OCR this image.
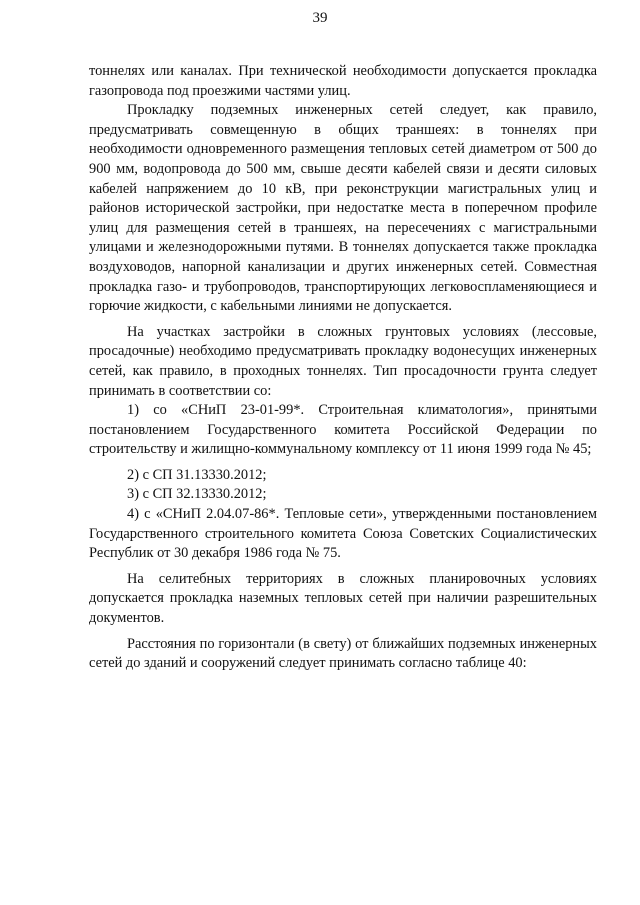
39

тоннелях или каналах. При технической необходимости допускается прокладка газопровода под проезжими частями улиц.

Прокладку подземных инженерных сетей следует, как правило, предусматривать совмещенную в общих траншеях: в тоннелях при необходимости одновременного размещения тепловых сетей диаметром от 500 до 900 мм, водопровода до 500 мм, свыше десяти кабелей связи и десяти силовых кабелей напряжением до 10 кВ, при реконструкции магистральных улиц и районов исторической застройки, при недостатке места в поперечном профиле улиц для размещения сетей в траншеях, на пересечениях с магистральными улицами и железнодорожными путями. В тоннелях допускается также прокладка воздуховодов, напорной канализации и других инженерных сетей. Совместная прокладка газо- и трубопроводов, транспортирующих легковоспламеняющиеся и горючие жидкости, с кабельными линиями не допускается.

На участках застройки в сложных грунтовых условиях (лессовые, просадочные) необходимо предусматривать прокладку водонесущих инженерных сетей, как правило, в проходных тоннелях. Тип просадочности грунта следует принимать в соответствии со:

1) со «СНиП 23-01-99*. Строительная климатология», принятыми постановлением Государственного комитета Российской Федерации по строительству и жилищно-коммунальному комплексу от 11 июня 1999 года № 45;

2) с СП 31.13330.2012;

3) с СП 32.13330.2012;

4) с «СНиП 2.04.07-86*. Тепловые сети», утвержденными постановлением Государственного строительного комитета Союза Советских Социалистических Республик от 30 декабря 1986 года № 75.

На селитебных территориях в сложных планировочных условиях допускается прокладка наземных тепловых сетей при наличии разрешительных документов.

Расстояния по горизонтали (в свету) от ближайших подземных инженерных сетей до зданий и сооружений следует принимать согласно таблице 40:
